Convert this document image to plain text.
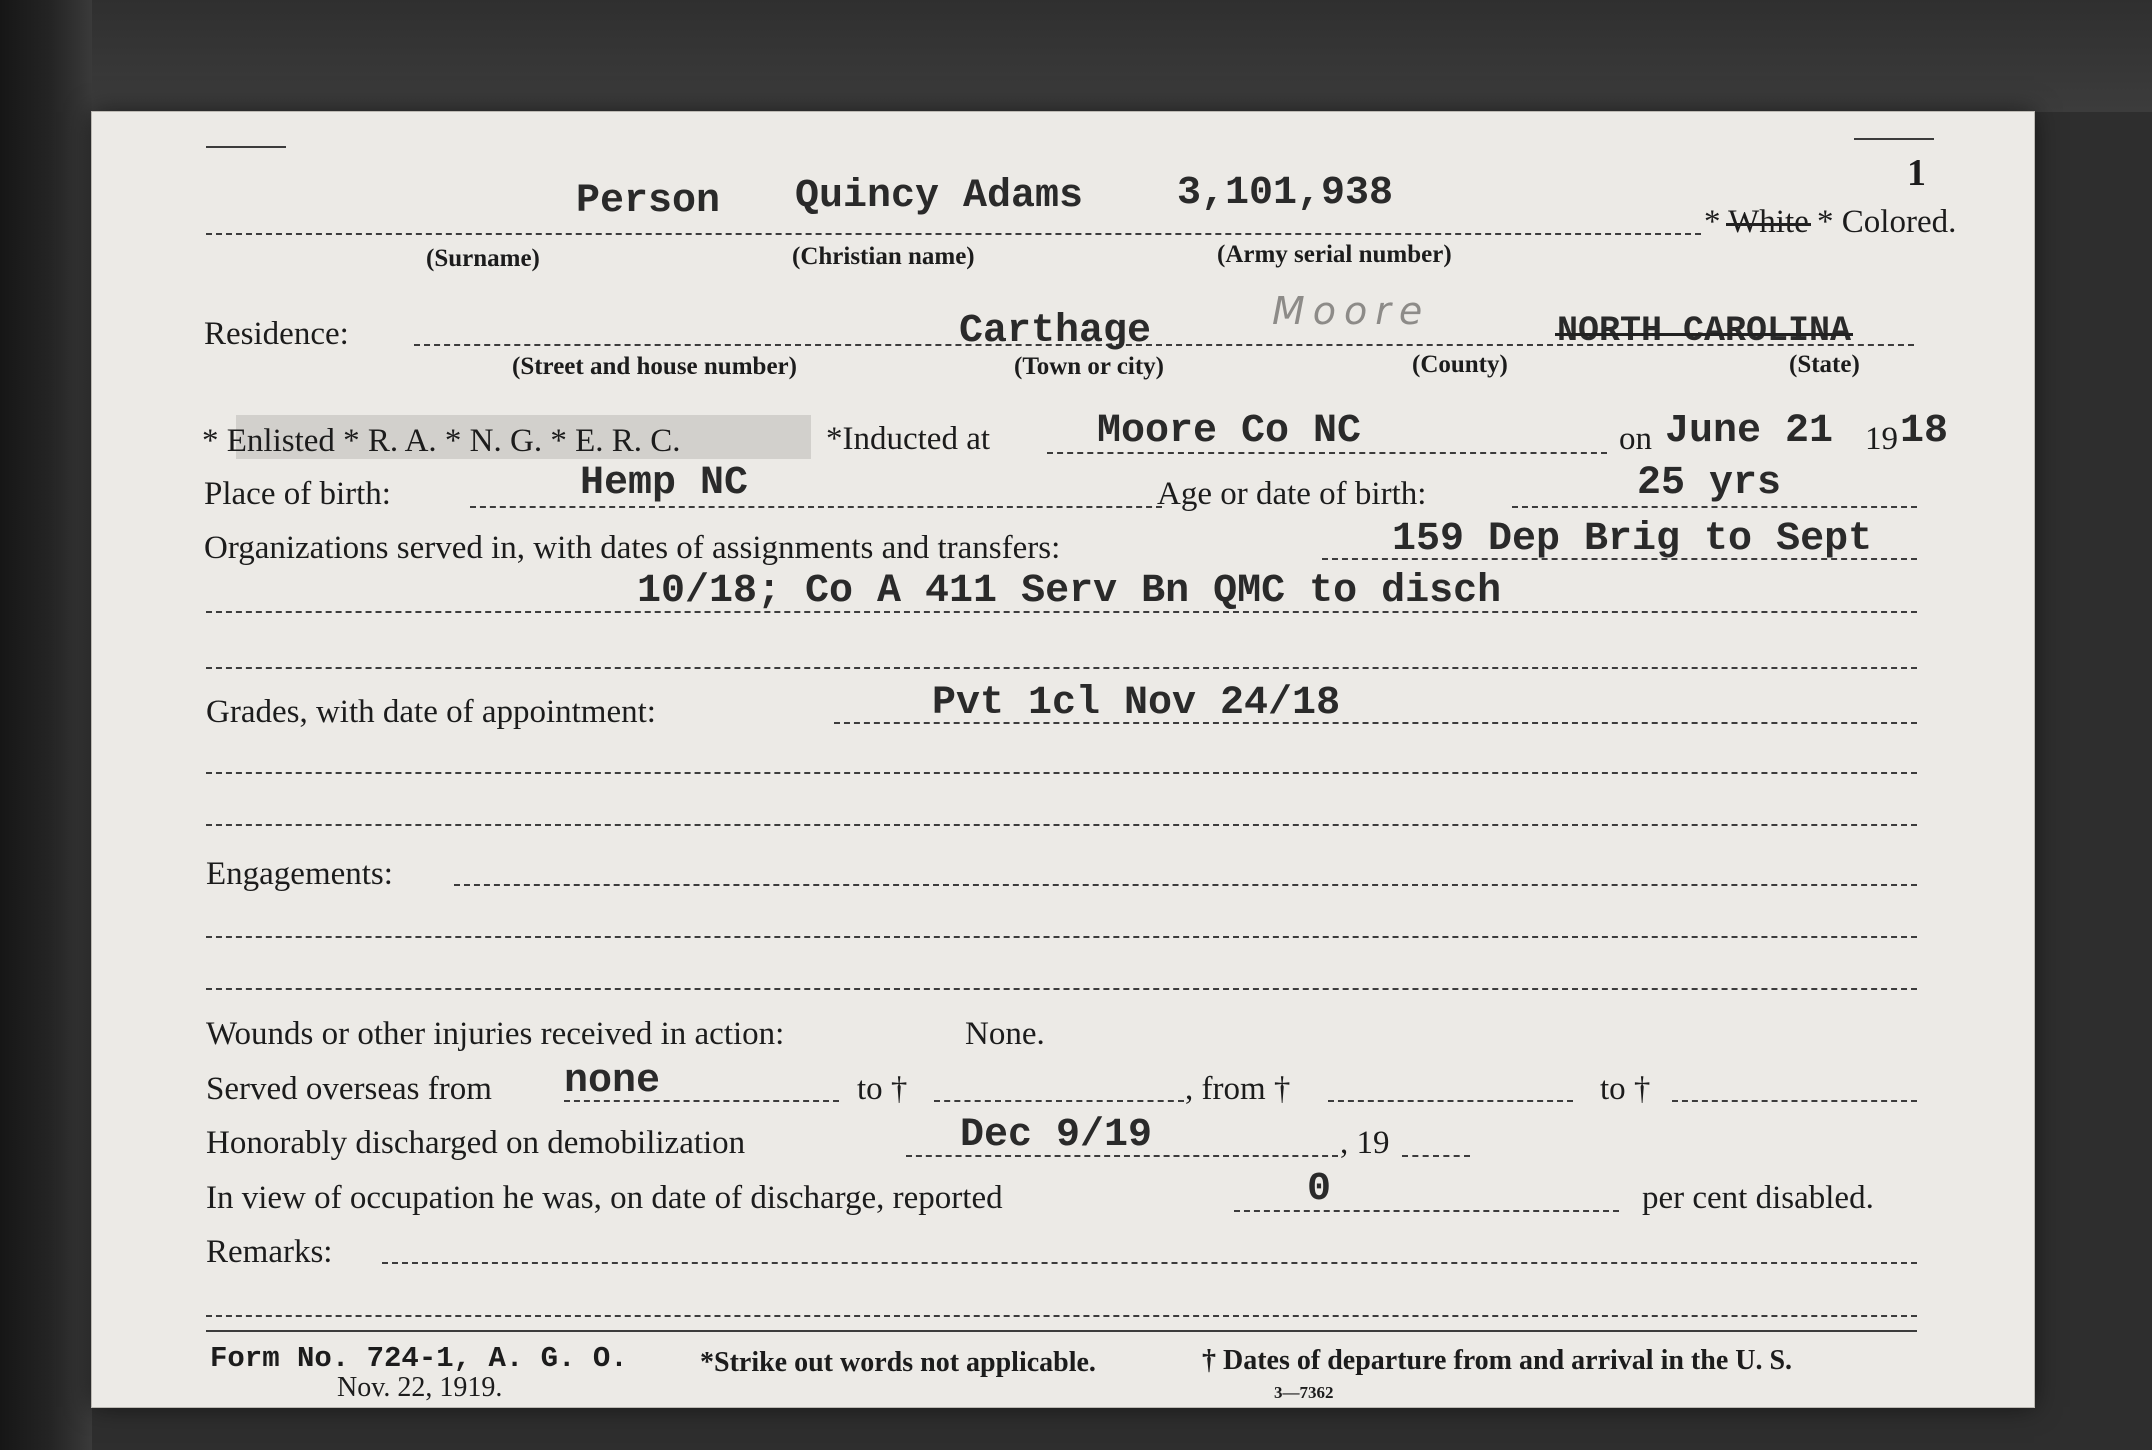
1
Person Quincy Adams 3,101,938
* White * Colored.
(Surname)	(Christian name)	(Army serial number)
Residence:	Carthage	Moore	NORTH CAROLINA
(Street and house number)	(Town or city)	(County)	(State)
* Enlisted * R. A. * N. G. * E. R. C.	*Inducted at	Moore Co NC	on June 21 19 18
Place of birth:	Hemp NC	Age or date of birth:	25 yrs
Organizations served in, with dates of assignments and transfers:	159 Dep Brig to Sept
10/18; Co A 411 Serv Bn QMC to disch
Grades, with date of appointment:	Pvt 1cl Nov 24/18
Engagements:
Wounds or other injuries received in action:	None.
Served overseas from none	to †	, from †	to †
Honorably discharged on demobilization	Dec 9/19	, 19
In view of occupation he was, on date of discharge, reported	0	per cent disabled.
Remarks:
Form No. 724-1, A. G. O.
Nov. 22, 1919.
*Strike out words not applicable.	† Dates of departure from and arrival in the U. S.
3—7362
